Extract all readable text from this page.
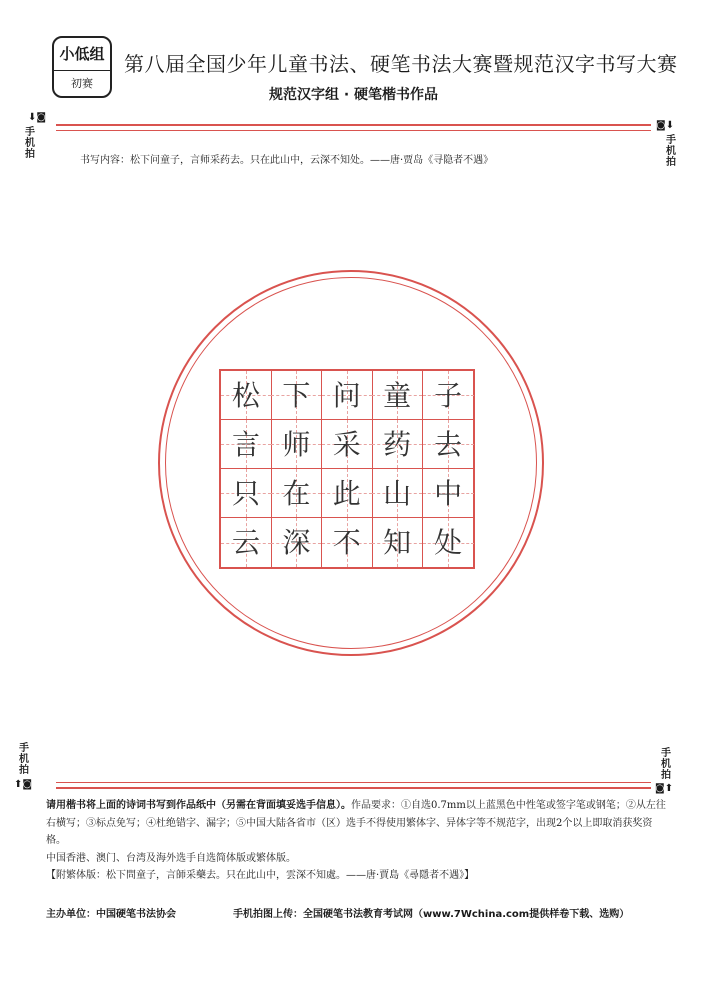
小低组
初赛
第八届全国少年儿童书法、硬笔书法大赛暨规范汉字书写大赛
规范汉字组 · 硬笔楷书作品
⬇◙
手机拍
◙⬇
手机拍
书写内容：松下问童子，言师采药去。只在此山中，云深不知处。——唐·贾岛《寻隐者不遇》
松 下 问 童 子
言 师 采 药 去
只 在 此 山 中
云 深 不 知 处
手机拍
⬆◙
手机拍
◙⬆
请用楷书将上面的诗词书写到作品纸中（另需在背面填妥选手信息）。作品要求：①自选0.7mm以上蓝黑色中性笔或签字笔或钢笔；②从左往右横写；③标点免写；④杜绝错字、漏字；⑤中国大陆各省市（区）选手不得使用繁体字、异体字等不规范字，出现2个以上即取消获奖资格。
中国香港、澳门、台湾及海外选手自选简体版或繁体版。
【附繁体版：松下問童子，言師采藥去。只在此山中，雲深不知處。——唐·賈島《尋隱者不遇》】
主办单位：中国硬笔书法协会	手机拍图上传：全国硬笔书法教育考试网（www.7Wchina.com提供样卷下载、选购）
